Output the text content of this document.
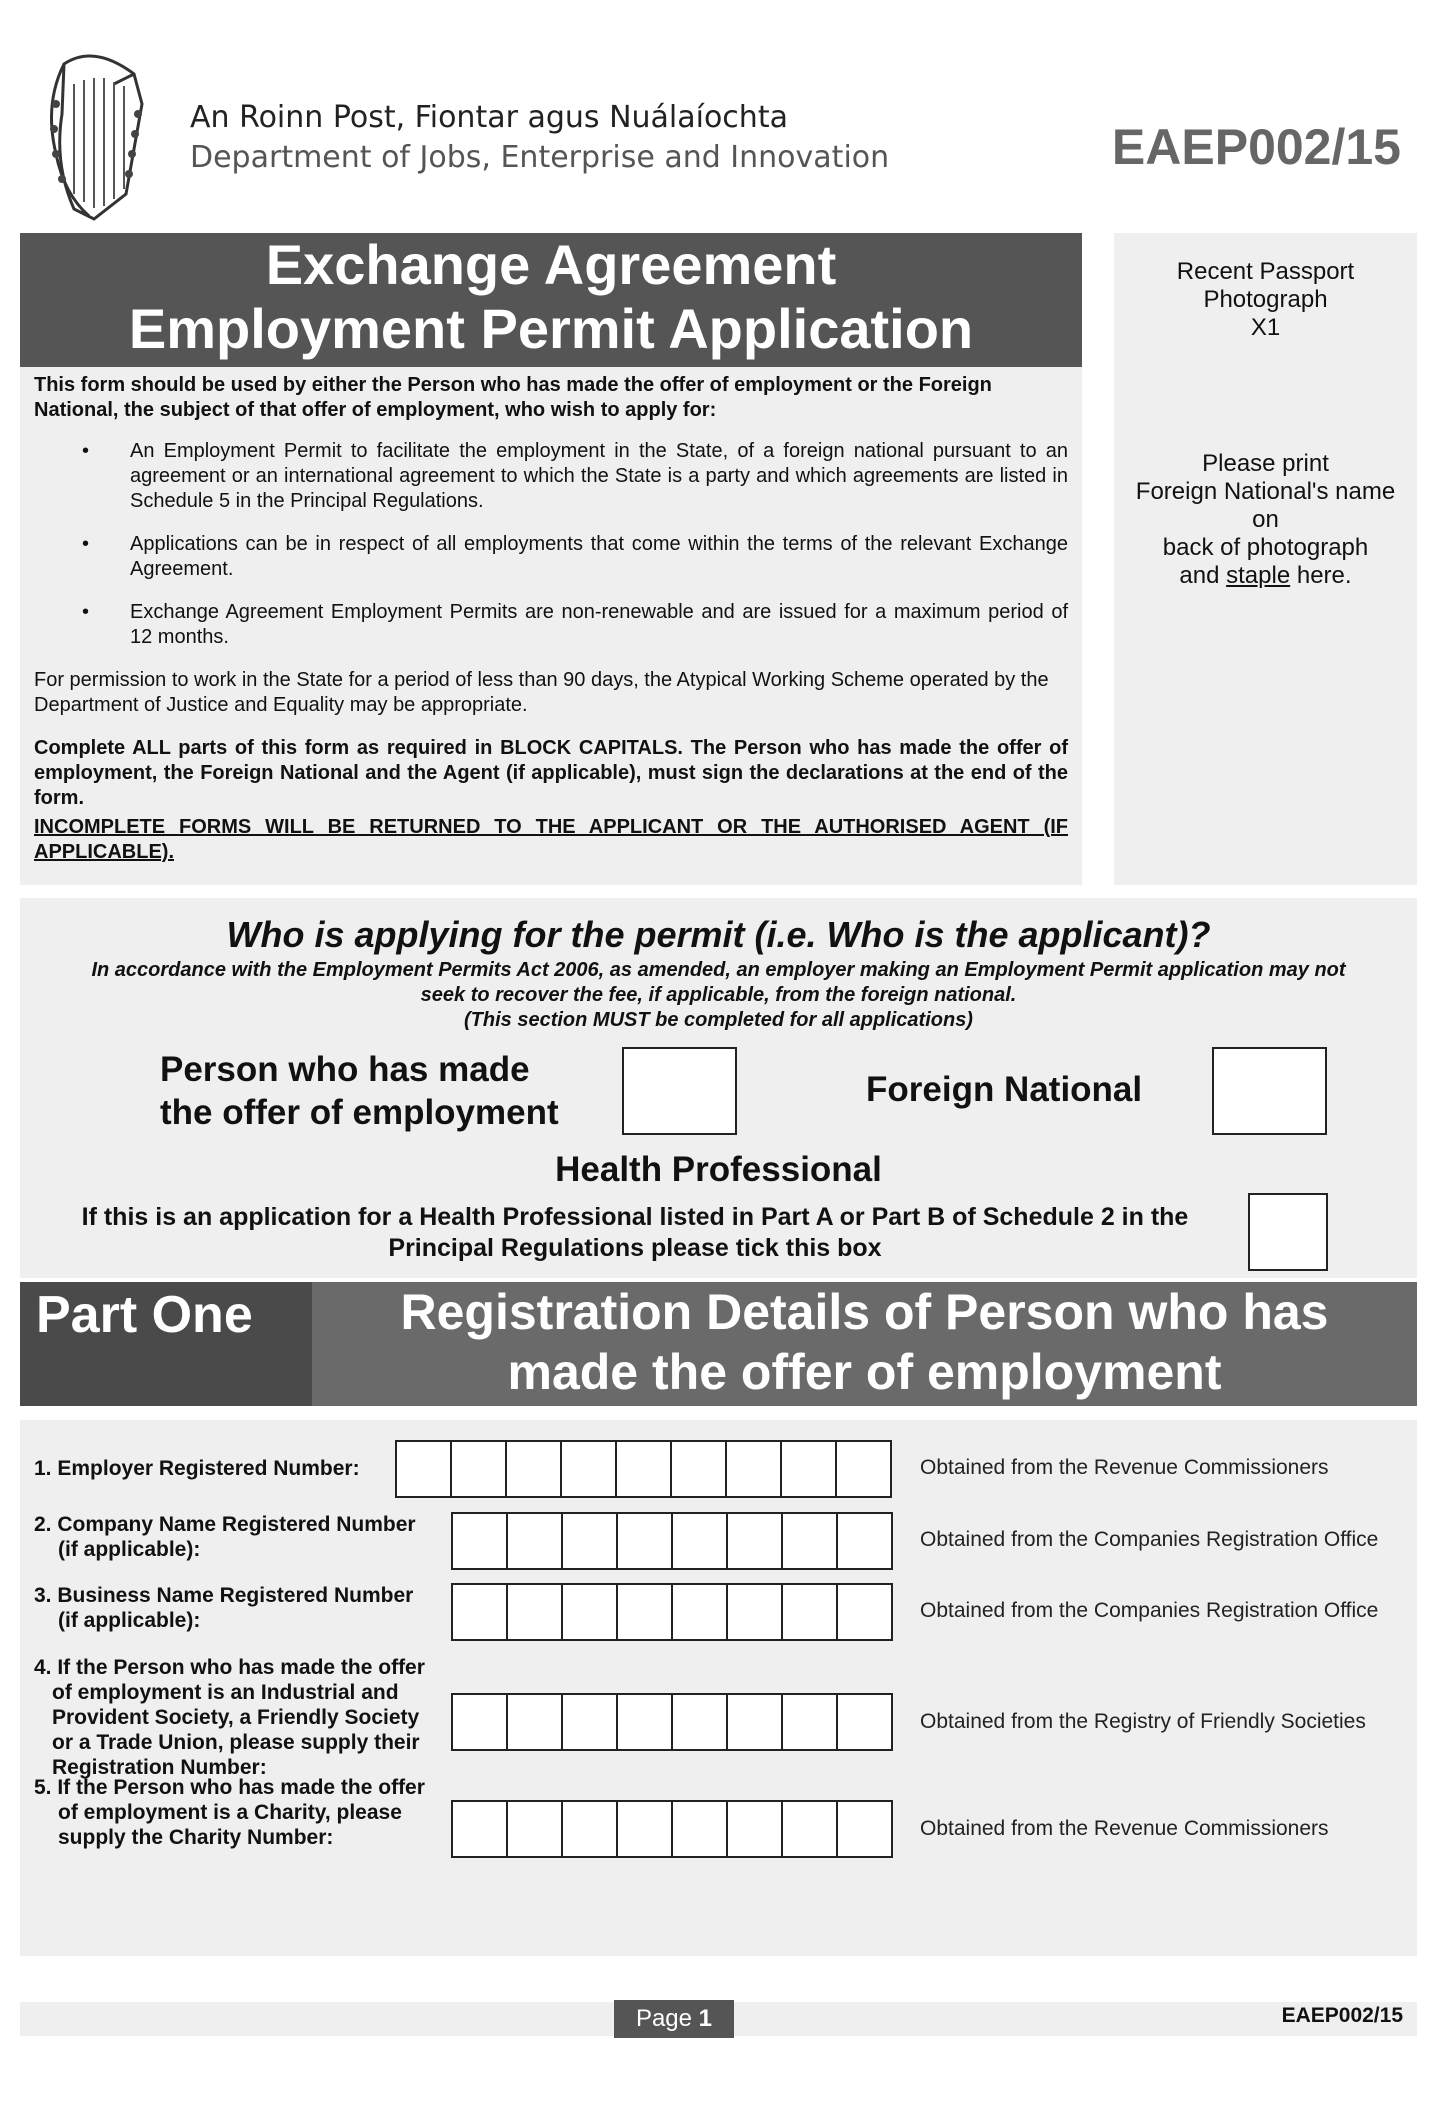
An Roinn Post, Fiontar agus Nuálaíochta
Department of Jobs, Enterprise and Innovation	EAEP002/15
Exchange Agreement
Employment Permit Application

This form should be used by either the Person who has made the offer of employment or the Foreign National, the subject of that offer of employment, who wish to apply for:

• An Employment Permit to facilitate the employment in the State, of a foreign national pursuant to an agreement or an international agreement to which the State is a party and which agreements are listed in Schedule 5 in the Principal Regulations.
• Applications can be in respect of all employments that come within the terms of the relevant Exchange Agreement.
• Exchange Agreement Employment Permits are non-renewable and are issued for a maximum period of 12 months.

For permission to work in the State for a period of less than 90 days, the Atypical Working Scheme operated by the Department of Justice and Equality may be appropriate.

Complete ALL parts of this form as required in BLOCK CAPITALS. The Person who has made the offer of employment, the Foreign National and the Agent (if applicable), must sign the declarations at the end of the form.

INCOMPLETE FORMS WILL BE RETURNED TO THE APPLICANT OR THE AUTHORISED AGENT (IF APPLICABLE).

Recent Passport
Photograph
X1
Please print
Foreign National's name
on
back of photograph
and staple here.
Who is applying for the permit (i.e. Who is the applicant)?
In accordance with the Employment Permits Act 2006, as amended, an employer making an Employment Permit application may not
seek to recover the fee, if applicable, from the foreign national.
(This section MUST be completed for all applications)
Person who has made
the offer of employment
Foreign National
Health Professional
If this is an application for a Health Professional listed in Part A or Part B of Schedule 2 in the
Principal Regulations please tick this box
Part One	Registration Details of Person who has
made the offer of employment
1. Employer Registered Number:	Obtained from the Revenue Commissioners
2. Company Name Registered Number
(if applicable):	Obtained from the Companies Registration Office
3. Business Name Registered Number
(if applicable):	Obtained from the Companies Registration Office
4. If the Person who has made the offer
of employment is an Industrial and
Provident Society, a Friendly Society
or a Trade Union, please supply their
Registration Number:
Obtained from the Registry of Friendly Societies
5. If the Person who has made the offer
of employment is a Charity, please
supply the Charity Number:	Obtained from the Revenue Commissioners
Page 1	EAEP002/15
